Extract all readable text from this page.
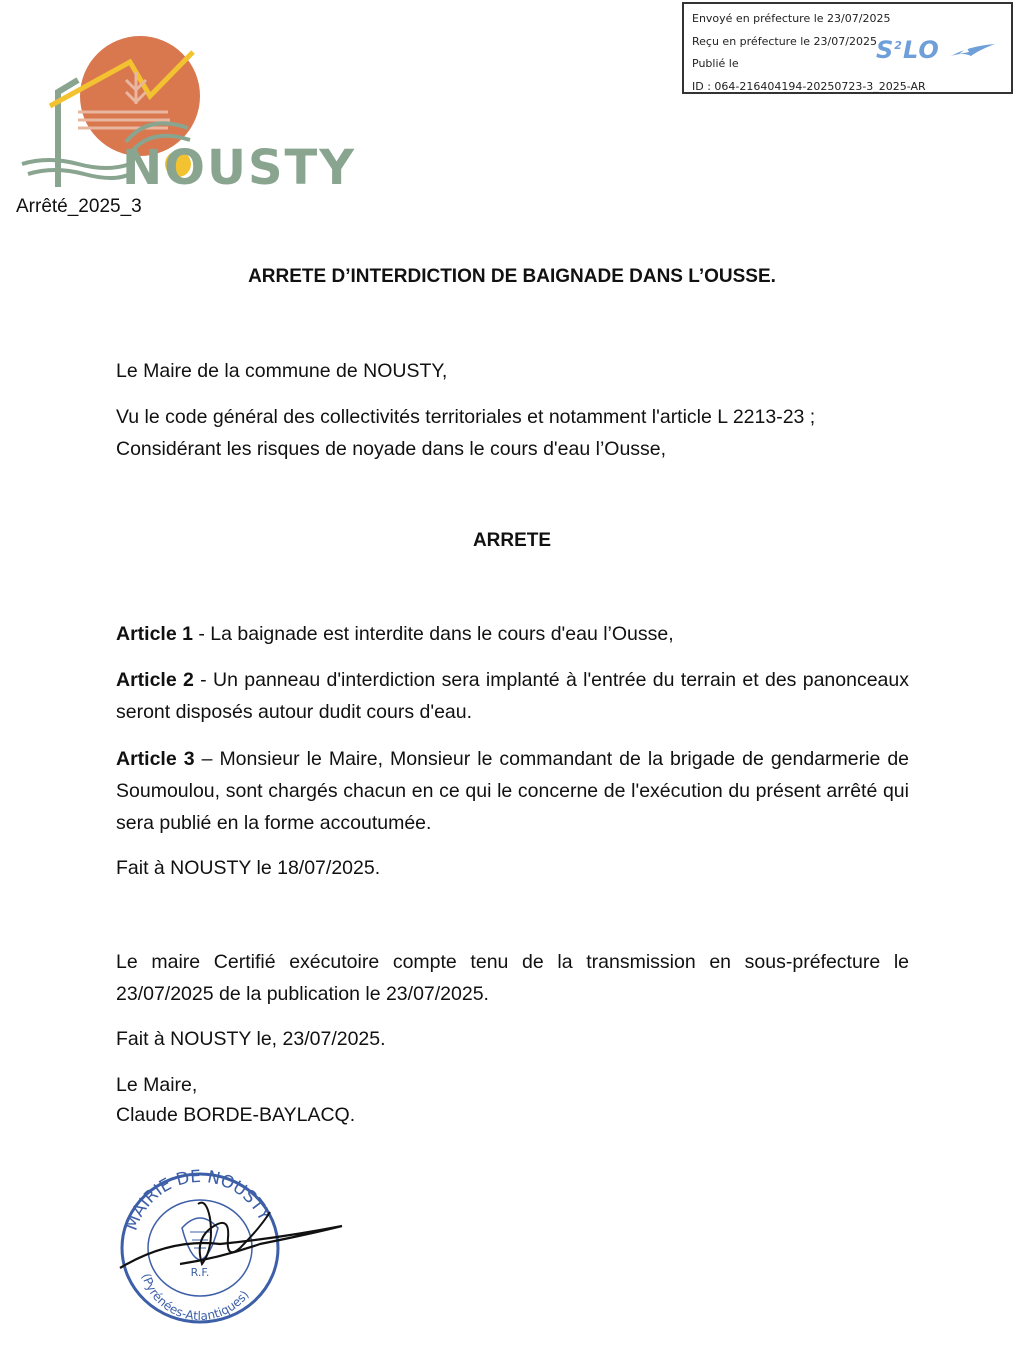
Envoyé en préfecture le 23/07/2025
Reçu en préfecture le 23/07/2025
Publié le
ID : 064-216404194-20250723-3_2025-AR
$S^2LO$
NOUSTY
Arrêté_2025_3
ARRETE D’INTERDICTION DE BAIGNADE DANS L’OUSSE.
Le Maire de la commune de NOUSTY,
Vu le code général des collectivités territoriales et notamment l'article L 2213-23 ;
Considérant les risques de noyade dans le cours d'eau l’Ousse,
ARRETE
Article 1 - La baignade est interdite dans le cours d'eau l’Ousse,
Article 2 - Un panneau d'interdiction sera implanté à l'entrée du terrain et des panonceaux seront disposés autour dudit cours d'eau.
Article 3 – Monsieur le Maire, Monsieur le commandant de la brigade de gendarmerie de Soumoulou, sont chargés chacun en ce qui le concerne de l'exécution du présent arrêté qui sera publié en la forme accoutumée.
Fait à NOUSTY le 18/07/2025.
Le maire Certifié exécutoire compte tenu de la transmission en sous-préfecture le 23/07/2025 de la publication le 23/07/2025.
Fait à NOUSTY le, 23/07/2025.
Le Maire,
Claude BORDE-BAYLACQ.
MAIRIE DE NOUSTY
(Pyrénées-Atlantiques)
R.F.
